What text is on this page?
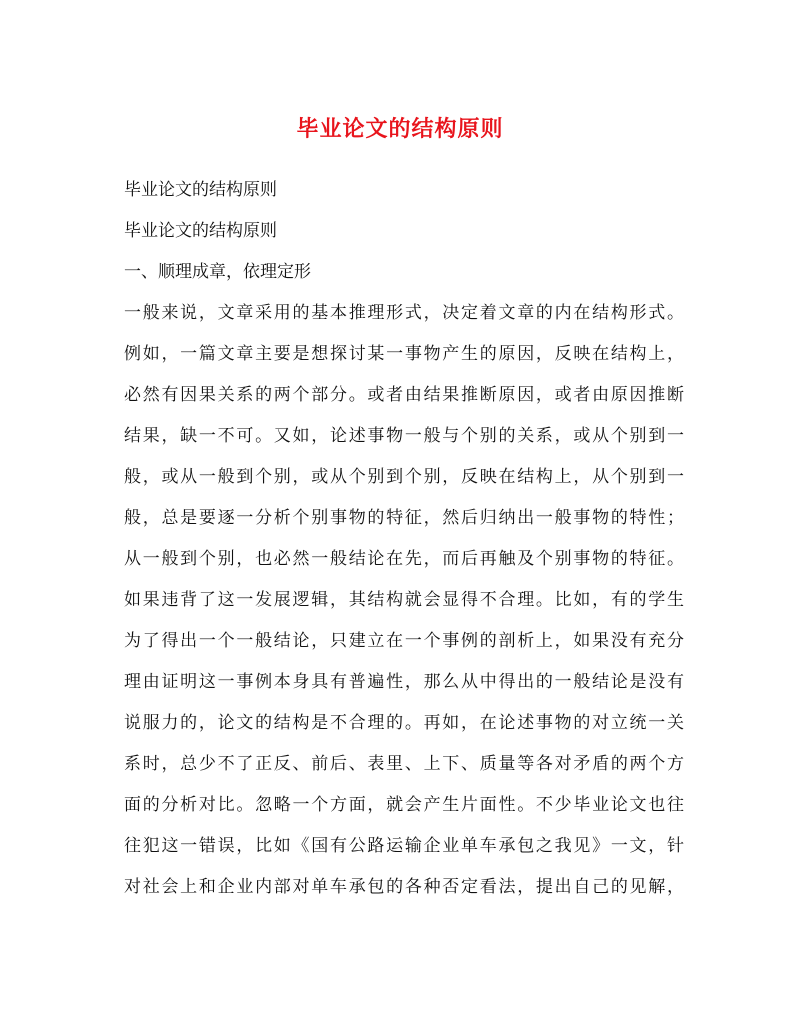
毕业论文的结构原则
毕业论文的结构原则
毕业论文的结构原则
一、顺理成章，依理定形
一般来说，文章采用的基本推理形式，决定着文章的内在结构形式。
例如，一篇文章主要是想探讨某一事物产生的原因，反映在结构上，
必然有因果关系的两个部分。或者由结果推断原因，或者由原因推断
结果，缺一不可。又如，论述事物一般与个别的关系，或从个别到一
般，或从一般到个别，或从个别到个别，反映在结构上，从个别到一
般，总是要逐一分析个别事物的特征，然后归纳出一般事物的特性；
从一般到个别，也必然一般结论在先，而后再触及个别事物的特征。
如果违背了这一发展逻辑，其结构就会显得不合理。比如，有的学生
为了得出一个一般结论，只建立在一个事例的剖析上，如果没有充分
理由证明这一事例本身具有普遍性，那么从中得出的一般结论是没有
说服力的，论文的结构是不合理的。再如，在论述事物的对立统一关
系时，总少不了正反、前后、表里、上下、质量等各对矛盾的两个方
面的分析对比。忽略一个方面，就会产生片面性。不少毕业论文也往
往犯这一错误，比如《国有公路运输企业单车承包之我见》一文，针
对社会上和企业内部对单车承包的各种否定看法，提出自己的见解，
